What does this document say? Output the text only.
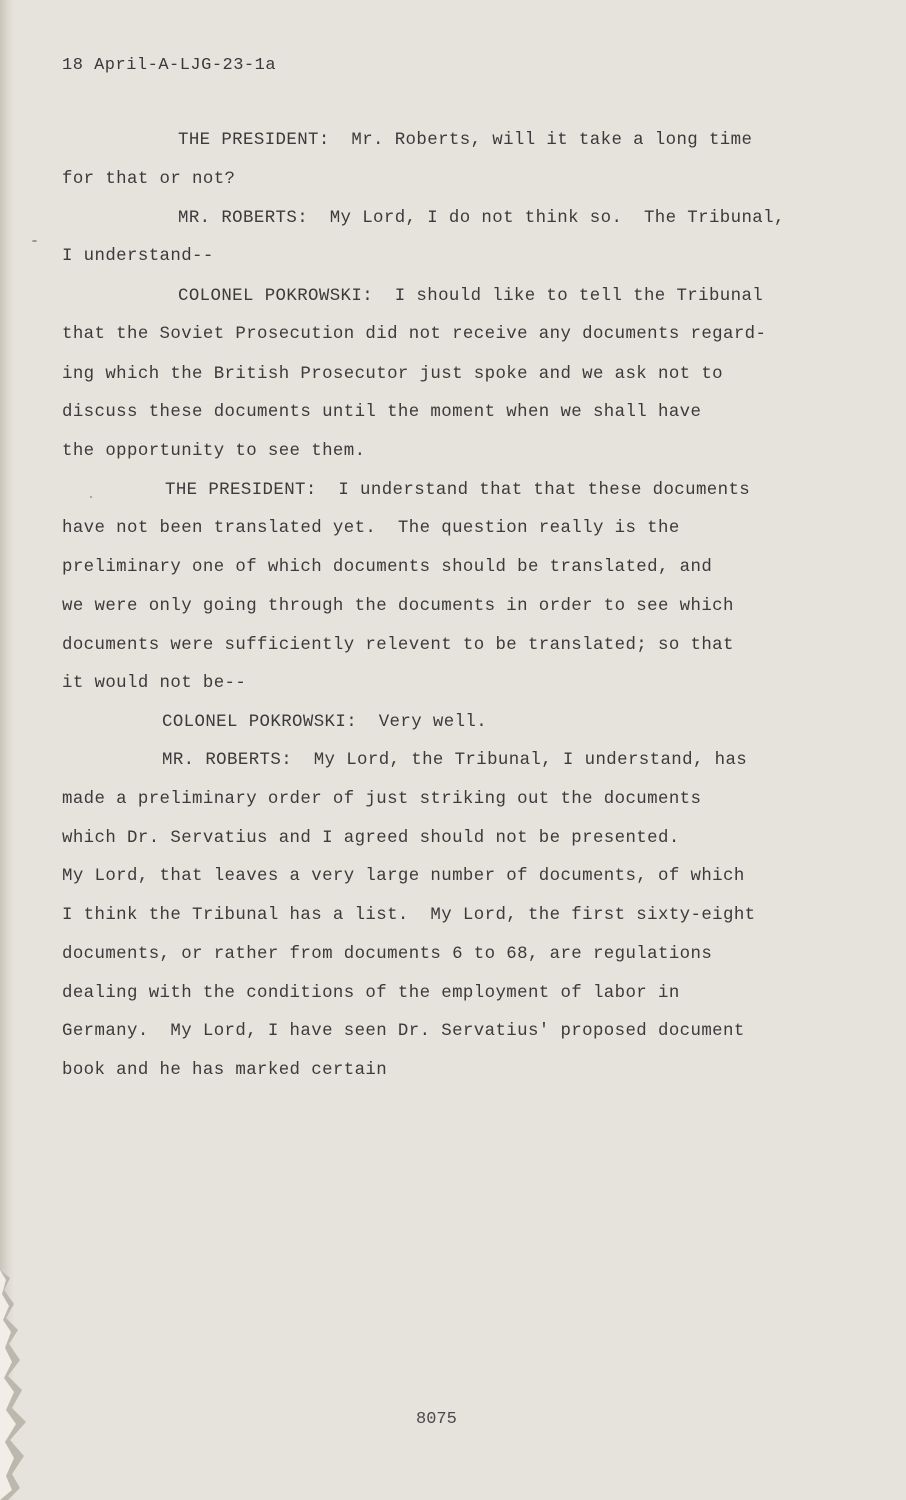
18 April-A-LJG-23-1a
THE PRESIDENT:  Mr. Roberts, will it take a long time
for that or not?
MR. ROBERTS:  My Lord, I do not think so.  The Tribunal,
I understand--
COLONEL POKROWSKI:  I should like to tell the Tribunal
that the Soviet Prosecution did not receive any documents regard-
ing which the British Prosecutor just spoke and we ask not to
discuss these documents until the moment when we shall have
the opportunity to see them.
THE PRESIDENT:  I understand that that these documents
have not been translated yet.  The question really is the
preliminary one of which documents should be translated, and
we were only going through the documents in order to see which
documents were sufficiently relevent to be translated; so that
it would not be--
COLONEL POKROWSKI:  Very well.
MR. ROBERTS:  My Lord, the Tribunal, I understand, has
made a preliminary order of just striking out the documents
which Dr. Servatius and I agreed should not be presented.
My Lord, that leaves a very large number of documents, of which
I think the Tribunal has a list.  My Lord, the first sixty-eight
documents, or rather from documents 6 to 68, are regulations
dealing with the conditions of the employment of labor in
Germany.  My Lord, I have seen Dr. Servatius' proposed document
book and he has marked certain
8075
